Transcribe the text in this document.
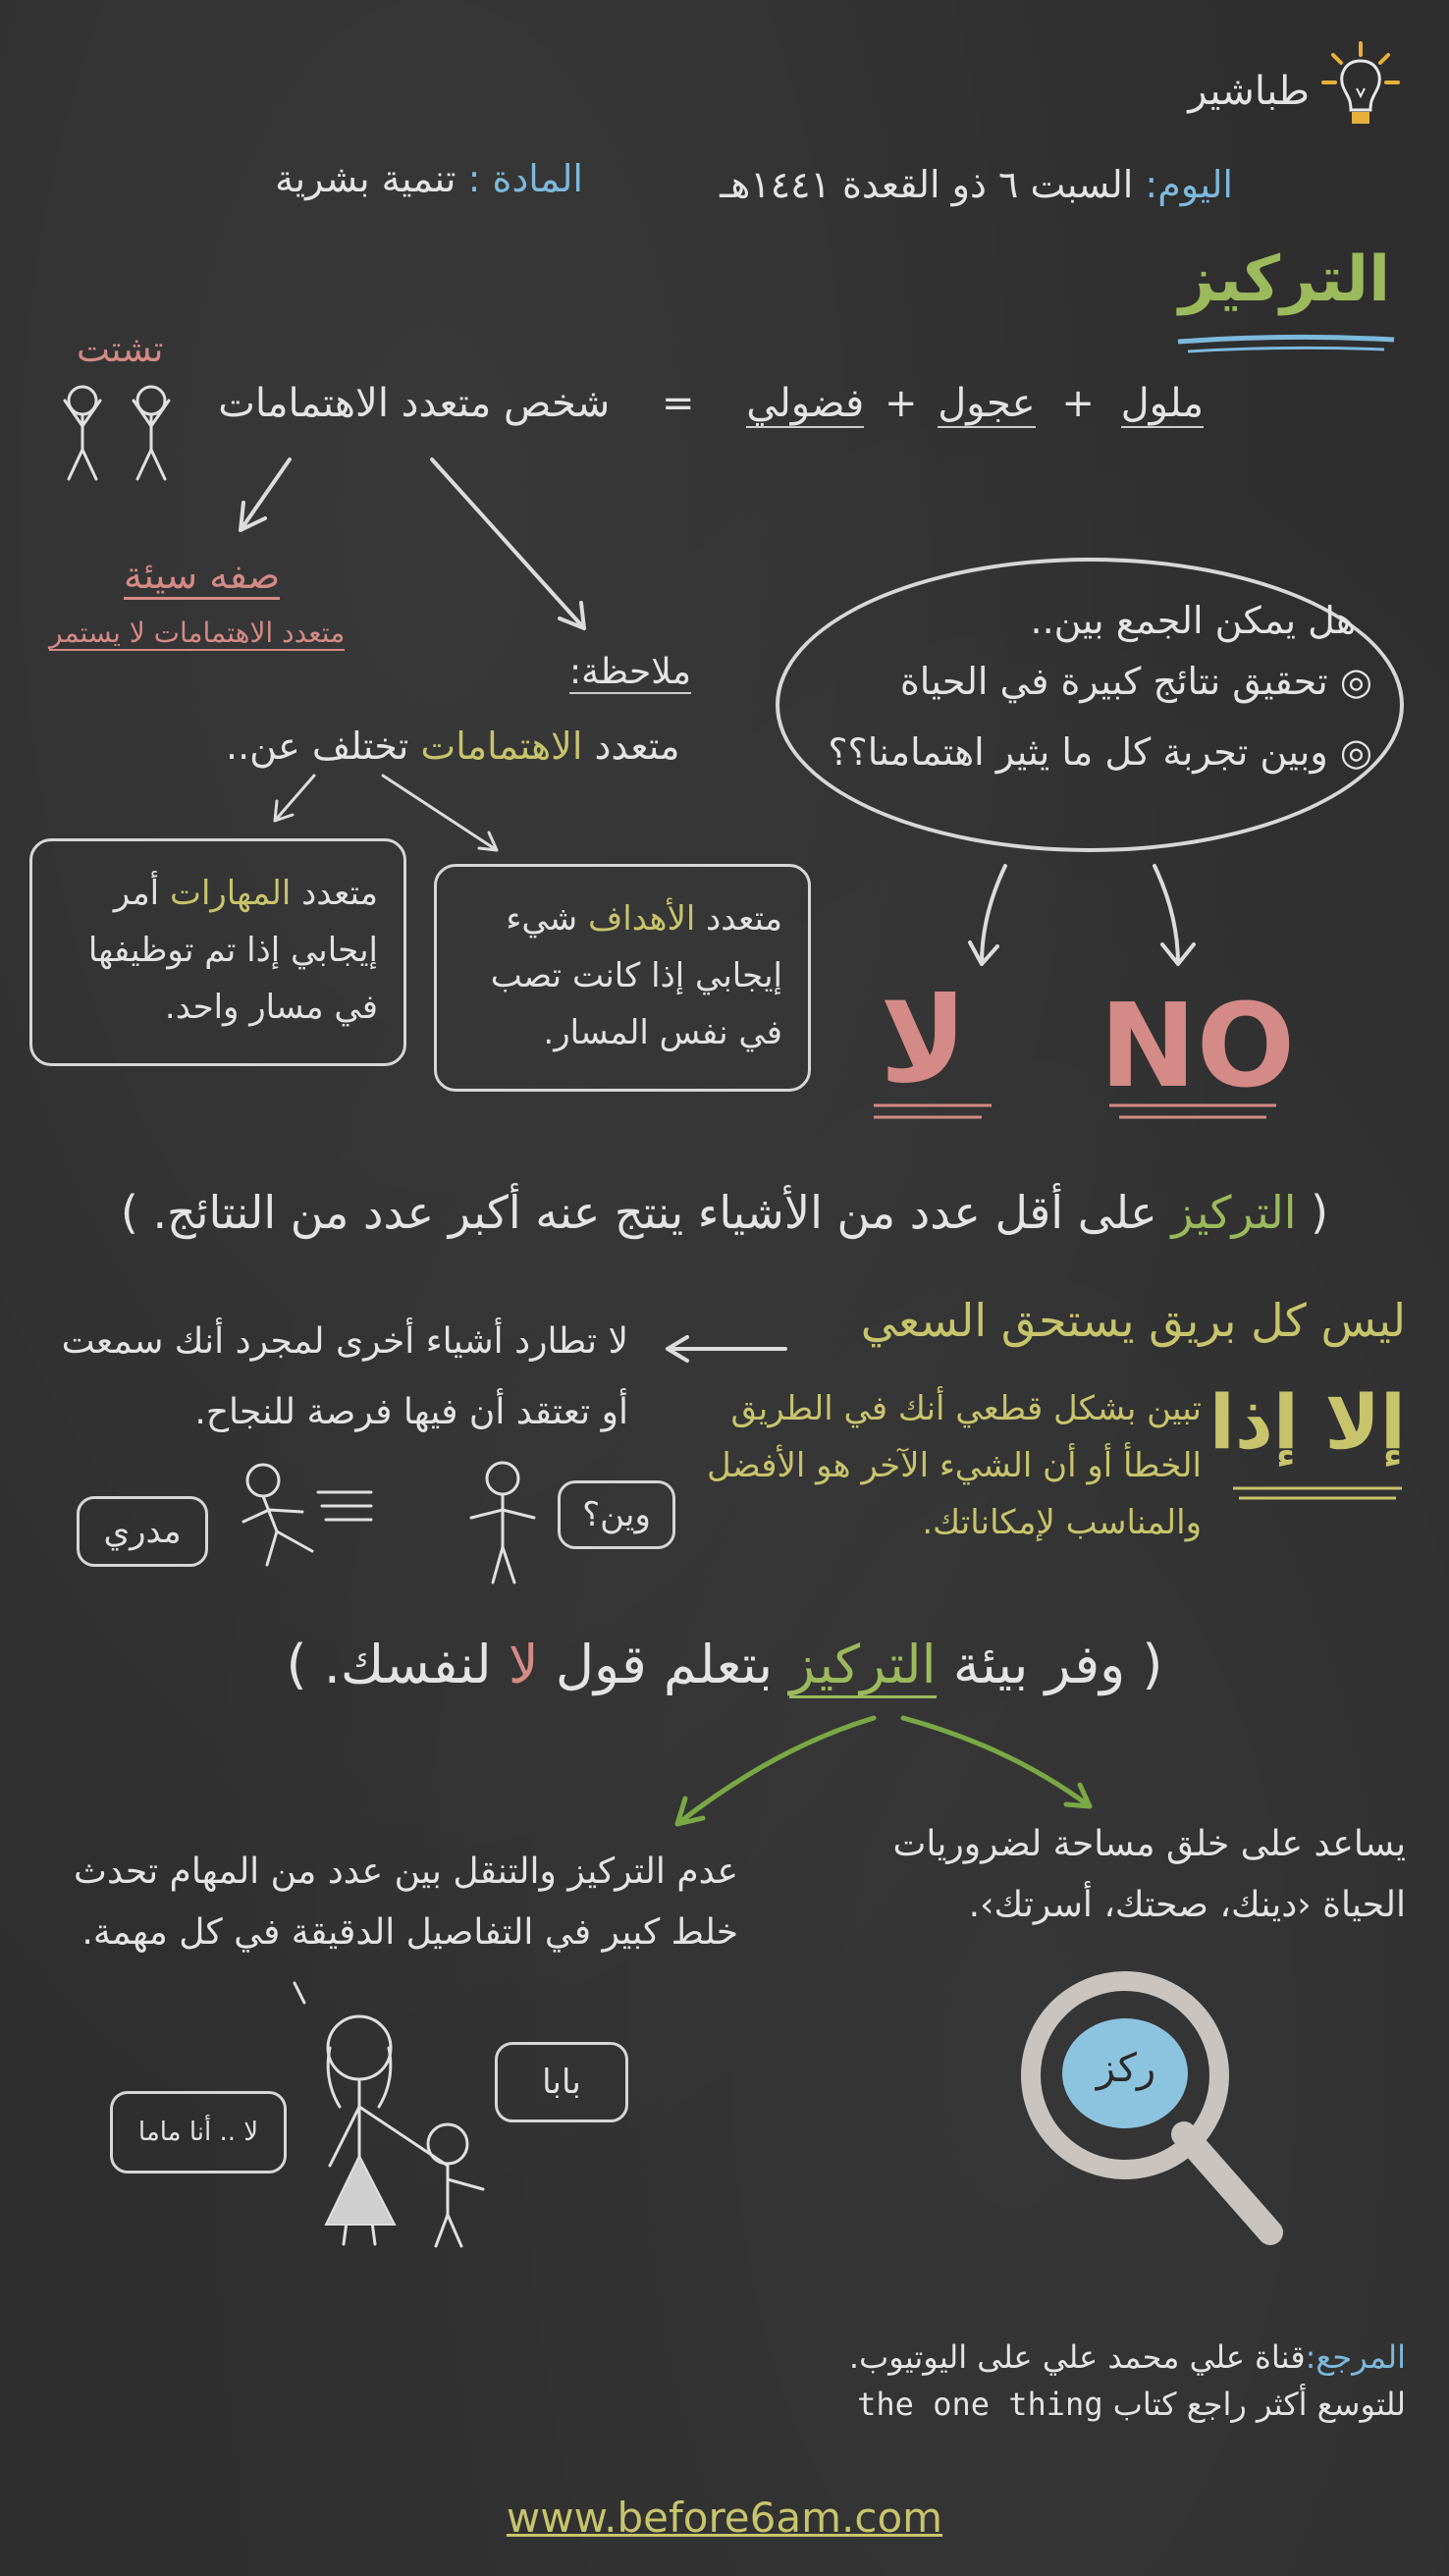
طباشير
اليوم: السبت ٦ ذو القعدة ١٤٤١هـ
المادة : تنمية بشرية
التركيز
ملول + عجول + فضولي = شخص متعدد الاهتمامات
تشتت
صفه سيئة
متعدد الاهتمامات لا يستمر	هل يمكن الجمع بين..
◎ تحقيق نتائج كبيرة في الحياة
◎ وبين تجربة كل ما يثير اهتمامنا؟؟
لا NO
ملاحظة:
متعدد الاهتمامات تختلف عن..
متعدد الأهداف شيء إيجابي إذا كانت تصب في نفس المسار.
متعدد المهارات أمر إيجابي إذا تم توظيفها في مسار واحد.
( التركيز على أقل عدد من الأشياء ينتج عنه أكبر عدد من النتائج. )
ليس كل بريق يستحق السعي
لا تطارد أشياء أخرى لمجرد أنك سمعت
أو تعتقد أن فيها فرصة للنجاح.	إلا إذا
تبين بشكل قطعي أنك في الطريق الخطأ أو أن الشيء الآخر هو الأفضل والمناسب لإمكاناتك.
وين؟
مدري
( وفر بيئة التركيز بتعلم قول لا لنفسك. )
يساعد على خلق مساحة لضروريات الحياة ‹دينك، صحتك، أسرتك›.
عدم التركيز والتنقل بين عدد من المهام تحدث خلط كبير في التفاصيل الدقيقة في كل مهمة.
ركز
بابا
لا .. أنا ماما
المرجع:قناة علي محمد علي على اليوتيوب.
للتوسع أكثر راجع كتاب the one thing
www.before6am.com
